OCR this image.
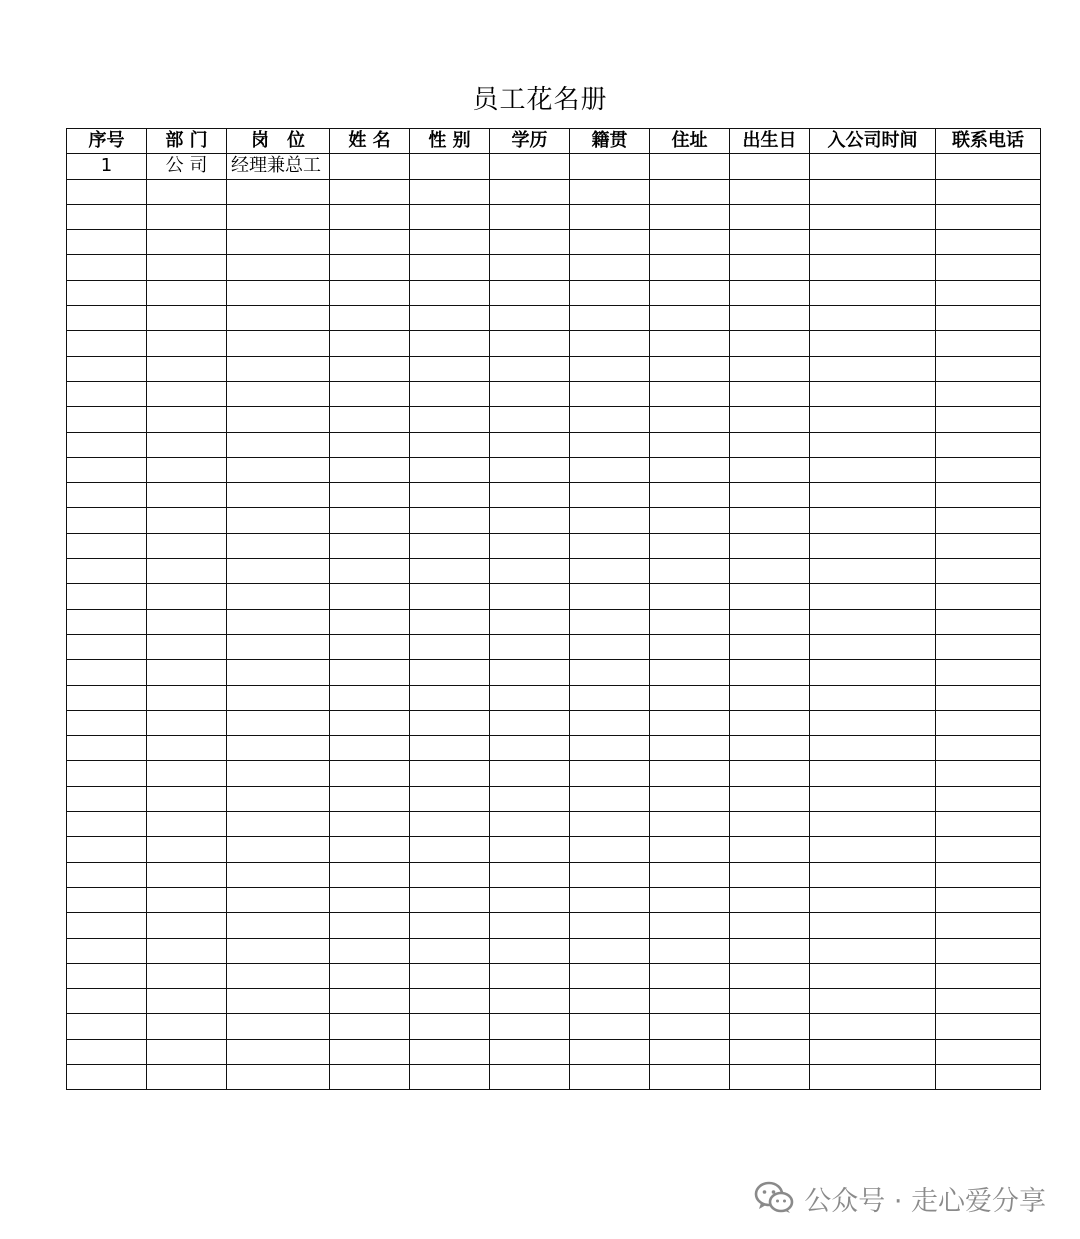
员工花名册
序号	部 门	岗　位	姓 名	性 别	学历	籍贯	住址	出生日	入公司时间	联系电话
1	公 司	经理兼总工								

公众号 · 走心爱分享
